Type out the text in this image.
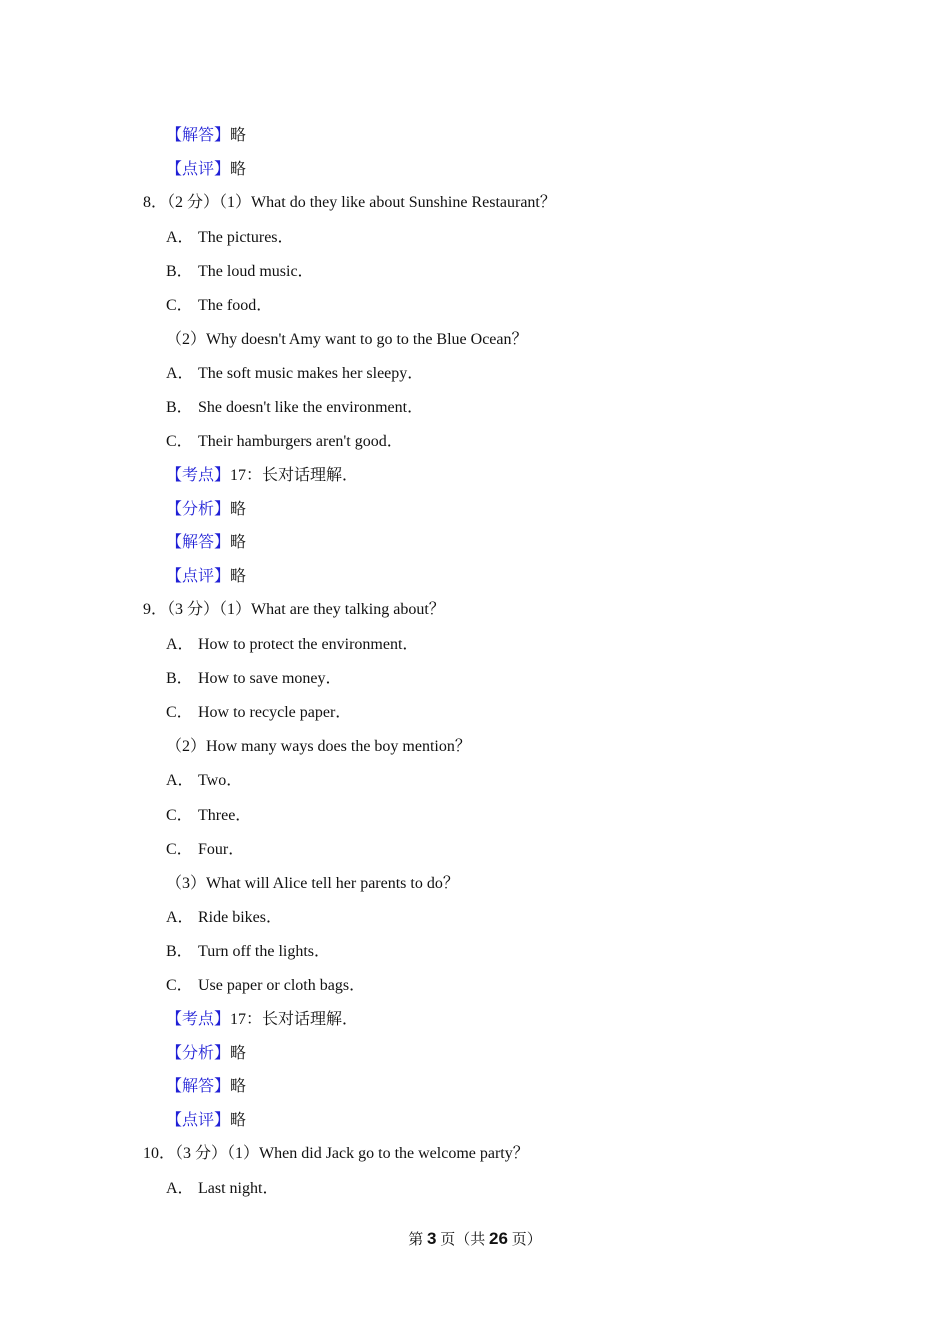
【解答】略
【点评】略
8．（2 分）（1）What do they like about Sunshine Restaurant？
A． The pictures．
B． The loud music．
C． The food．
（2）Why doesn't Amy want to go to the Blue Ocean？
A． The soft music makes her sleepy．
B． She doesn't like the environment．
C． Their hamburgers aren't good．
【考点】17：长对话理解．
【分析】略
【解答】略
【点评】略
9．（3 分）（1）What are they talking about？
A． How to protect the environment．
B． How to save money．
C． How to recycle paper．
（2）How many ways does the boy mention？
A． Two．
C． Three．
C． Four．
（3）What will Alice tell her parents to do？
A． Ride bikes．
B． Turn off the lights．
C． Use paper or cloth bags．
【考点】17：长对话理解．
【分析】略
【解答】略
【点评】略
10．（3 分）（1）When did Jack go to the welcome party？
A． Last night．
第 3 页（共 26 页）
